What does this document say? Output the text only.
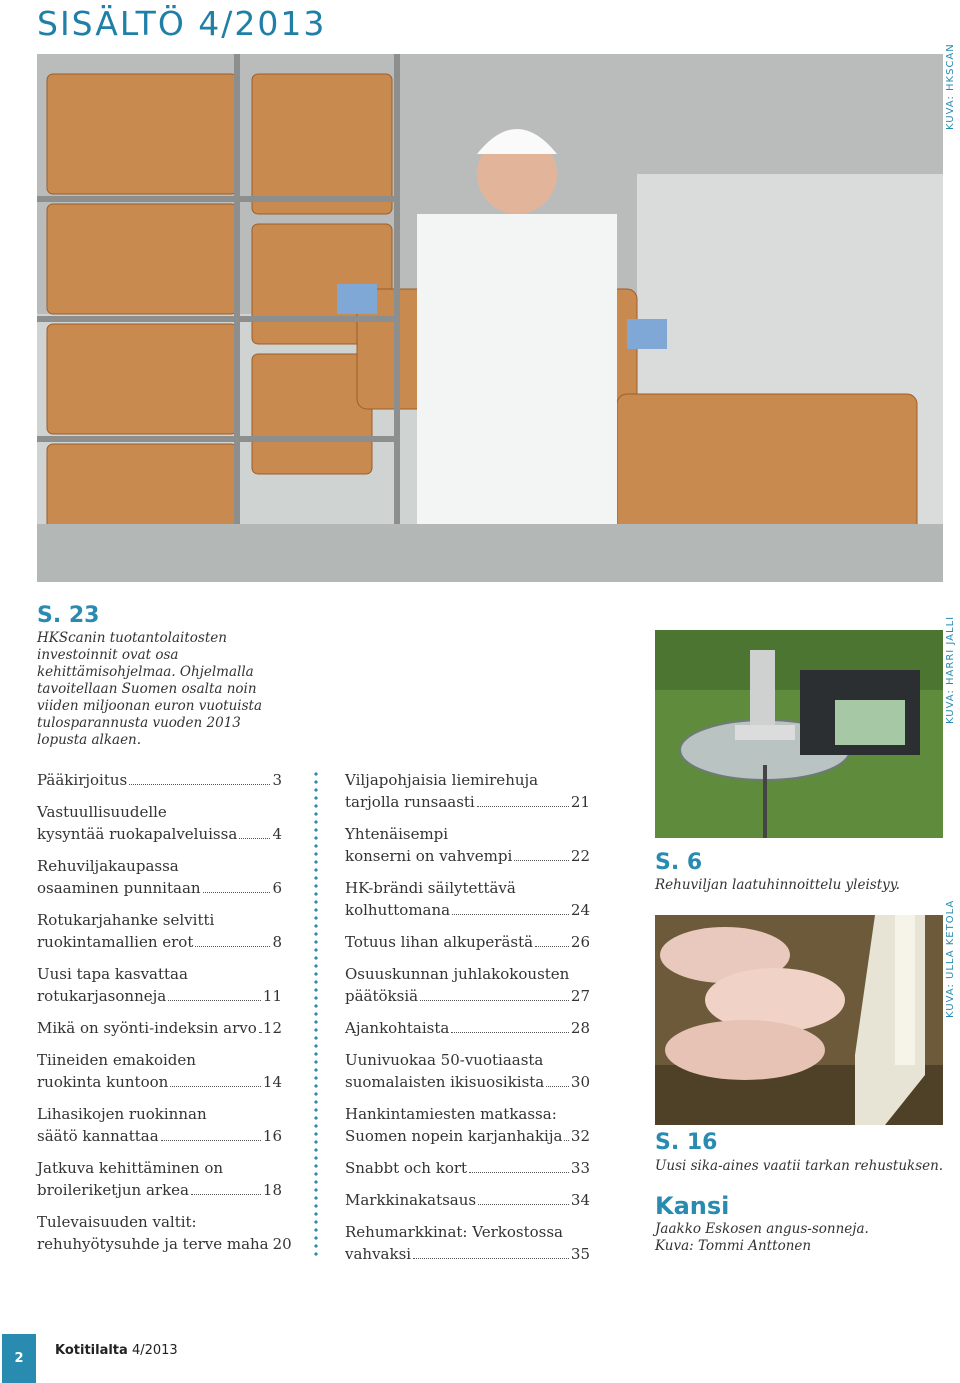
SISÄLTÖ 4/2013
KUVA: HKSCAN
S. 23
HKScanin tuotantolaitosten investoinnit ovat osa kehittämisohjelmaa. Ohjelmalla tavoitellaan Suomen osalta noin viiden miljoonan euron vuotuista tulosparannusta vuoden 2013 lopusta alkaen.
KUVA: HARRI JALLI
S. 6
Rehuviljan laatuhinnoittelu yleistyy.
KUVA: ULLA KETOLA
S. 16
Uusi sika-aines vaatii tarkan rehustuksen.
Kansi
Jaakko Eskosen angus-sonneja.
Kuva: Tommi Anttonen
Pääkirjoitus	3
Vastuullisuudelle
kysyntää ruokapalveluissa 4
Rehuviljakaupassa
osaaminen punnitaan	6
Rotukarjahanke selvitti
ruokintamallien erot	8
Uusi tapa kasvattaa
rotukarjasonneja	11
Mikä on syönti-indeksin arvo 12
Tiineiden emakoiden
ruokinta kuntoon	14
Lihasikojen ruokinnan
säätö kannattaa	16
Jatkuva kehittäminen on
broileriketjun arkea	18
Tulevaisuuden valtit:
rehuhyötysuhde ja terve maha 20
Viljapohjaisia liemirehuja
tarjolla runsaasti	21
Yhtenäisempi
konserni on vahvempi	22
HK-brändi säilytettävä
kolhuttomana	24
Totuus lihan alkuperästä	26
Osuuskunnan juhlakokousten
päätöksiä	27
Ajankohtaista	28
Uunivuokaa 50-vuotiaasta
suomalaisten ikisuosikista 30
Hankintamiesten matkassa:
Suomen nopein karjanhakija 32
Snabbt och kort	33
Markkinakatsaus	34
Rehumarkkinat: Verkostossa
vahvaksi	35
2
Kotitilalta 4/2013
